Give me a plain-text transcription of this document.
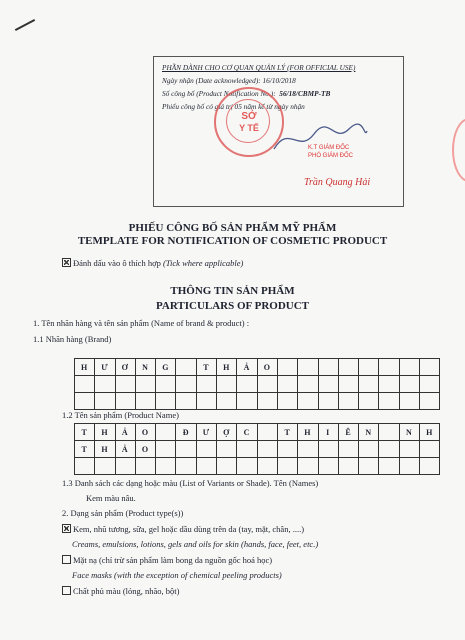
PHẦN DÀNH CHO CƠ QUAN QUẢN LÝ (FOR OFFICIAL USE)
Ngày nhận (Date acknowledged): 16/10/2018
Số công bố (Product Notification No.): 56/18/CBMP-TB
Phiếu công bố có giá trị 05 năm kể từ ngày nhận
SỞ
Y TẾ
K.T GIÁM ĐỐC
PHÓ GIÁM ĐỐC
Trần Quang Hải
PHIẾU CÔNG BỐ SẢN PHẨM MỸ PHẨM
TEMPLATE FOR NOTIFICATION OF COSMETIC PRODUCT
Đánh dấu vào ô thích hợp (Tick where applicable)
THÔNG TIN SẢN PHẨM
PARTICULARS OF PRODUCT
1. Tên nhãn hàng và tên sản phẩm (Name of brand & product) :
1.1 Nhãn hàng (Brand)
H	Ư	Ơ	N	G		T	H	Ả	O								

1.2 Tên sản phẩm (Product Name)
T	H	Ả	O		Đ	Ư	Ợ	C		T	H	I	Ê	N		N	H
T	H	Ả	O														

1.3 Danh sách các dạng hoặc màu (List of Variants or Shade). Tên (Names)
Kem màu nâu.
2. Dạng sản phẩm (Product type(s))
Kem, nhũ tương, sữa, gel hoặc dầu dùng trên da (tay, mặt, chân, ....)
Creams, emulsions, lotions, gels and oils for skin (hands, face, feet, etc.)
Mặt nạ (chỉ trừ sản phẩm làm bong da nguồn gốc hoá học)
Face masks (with the exception of chemical peeling products)
Chất phủ màu (lỏng, nhão, bột)
